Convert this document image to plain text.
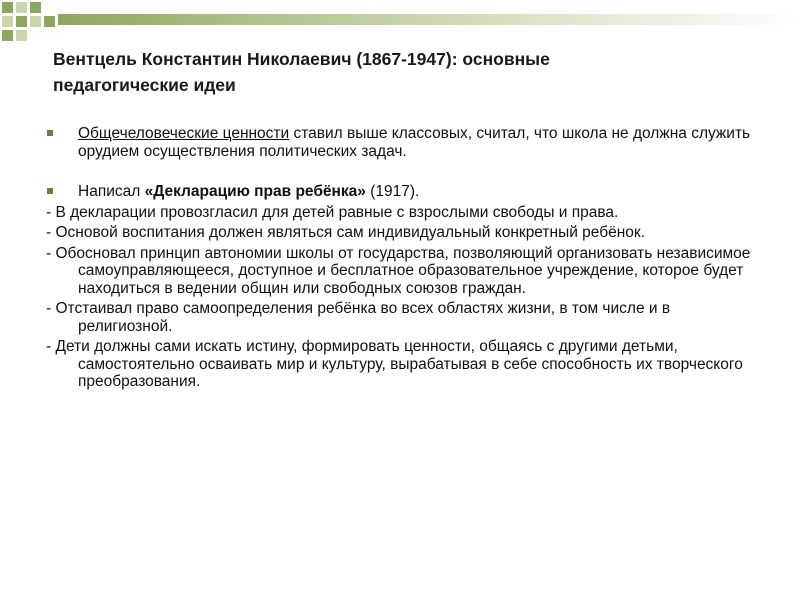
Вентцель Константин Николаевич (1867-1947): основные
педагогические идеи
Общечеловеческие ценности ставил выше классовых, считал, что школа не должна служить орудием осуществления политических задач.
Написал «Декларацию прав ребёнка» (1917).
- В декларации провозгласил для детей равные с взрослыми свободы и права.
- Основой воспитания должен являться сам индивидуальный конкретный ребёнок.
- Обосновал принцип автономии школы от государства, позволяющий организовать независимое самоуправляющееся, доступное и бесплатное образовательное учреждение, которое будет находиться в ведении общин или свободных союзов граждан.
- Отстаивал право самоопределения ребёнка во всех областях жизни, в том числе и в религиозной.
- Дети должны сами искать истину, формировать ценности, общаясь с другими детьми, самостоятельно осваивать мир и культуру, вырабатывая в себе способность их творческого преобразования.
